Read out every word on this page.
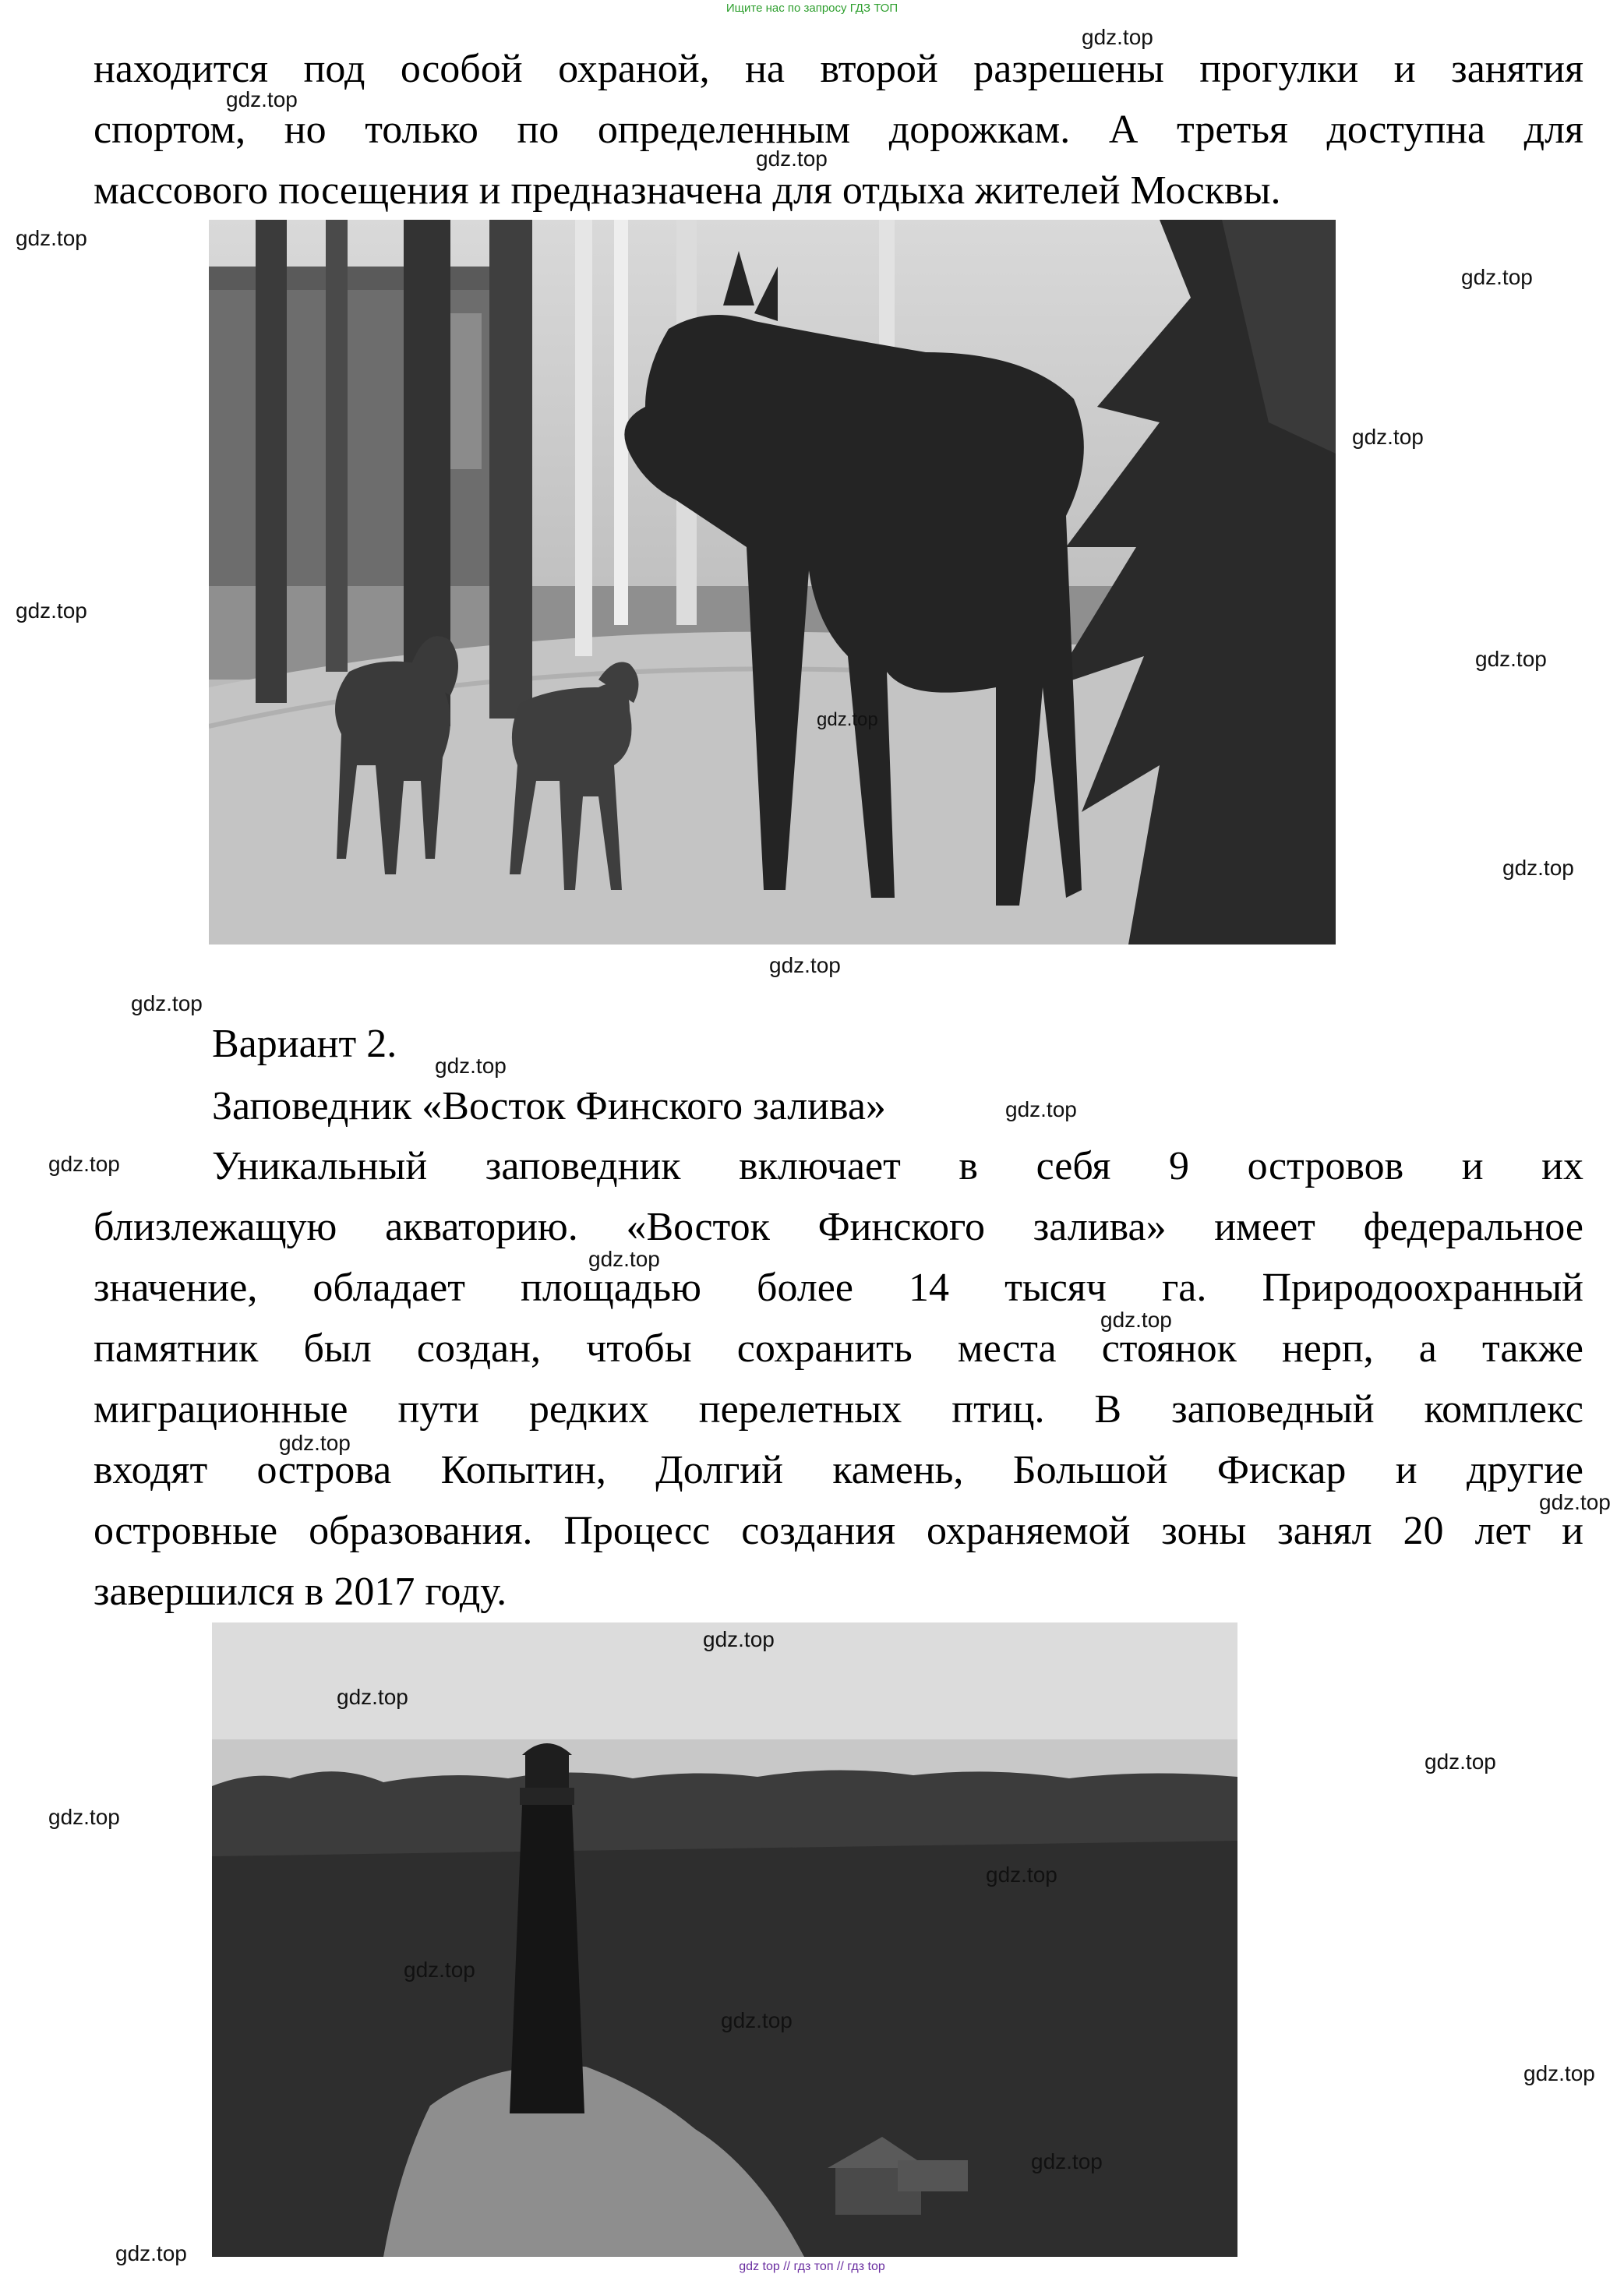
Ищите нас по запросу ГДЗ ТОП
находится под особой охраной, на второй разрешены прогулки и занятия
спортом, но только по определенным дорожкам. А третья доступна для
массового посещения и предназначена для отдыха жителей Москвы.
Вариант 2.
Заповедник «Восток Финского залива»
Уникальный заповедник включает в себя 9 островов и их
близлежащую акваторию. «Восток Финского залива» имеет федеральное
значение, обладает площадью более 14 тысяч га. Природоохранный
памятник был создан, чтобы сохранить места стоянок нерп, а также
миграционные пути редких перелетных птиц. В заповедный комплекс
входят острова Копытин, Долгий камень, Большой Фискар и другие
островные образования. Процесс создания охраняемой зоны занял 20 лет и
завершился в 2017 году.
gdz.top
gdz.top
gdz.top
gdz.top
gdz.top
gdz.top
gdz.top
gdz.top
gdz.top
gdz.top
gdz.top
gdz.top
gdz.top
gdz.top
gdz.top
gdz.top
gdz.top
gdz.top
gdz.top
gdz.top
gdz.top
gdz.top
gdz.top
gdz.top
gdz.top
gdz.top
gdz.top
gdz.top
gdz.top
gdz top // гдз топ // гдз top
